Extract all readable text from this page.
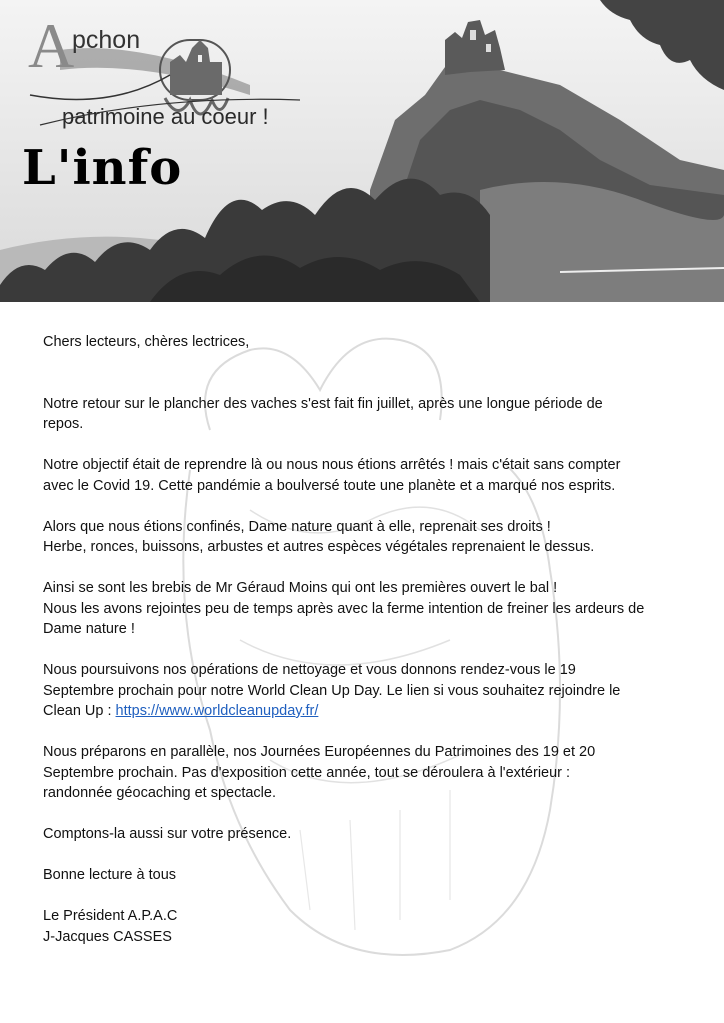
A
pchon
patrimoine au coeur !
L'info

Chers lecteurs, chères lectrices,

Notre retour sur le plancher des vaches s'est fait fin juillet, après une longue période de

repos.

Notre objectif était de reprendre là ou nous nous étions arrêtés ! mais c'était sans compter

avec le Covid 19. Cette pandémie a boulversé toute une planète et a marqué nos esprits.

Alors que nous étions confinés, Dame nature quant à elle, reprenait ses droits !

Herbe, ronces, buissons, arbustes et autres espèces végétales reprenaient le dessus.

Ainsi se sont les brebis de Mr Géraud Moins qui ont les premières ouvert le bal !

Nous les avons rejointes peu de temps après avec la ferme intention de freiner les ardeurs de

Dame nature !

Nous poursuivons nos opérations de nettoyage et vous donnons rendez-vous le 19

Septembre prochain pour notre World Clean Up Day. Le lien si vous souhaitez rejoindre le

Clean Up : https://www.worldcleanupday.fr/

Nous préparons en parallèle, nos Journées Européennes du Patrimoines des 19 et 20

Septembre prochain. Pas d'exposition cette année, tout se déroulera à l'extérieur :

randonnée géocaching et spectacle.

Comptons-la aussi sur votre présence.

Bonne lecture à tous

Le Président A.P.A.C

J-Jacques CASSES
